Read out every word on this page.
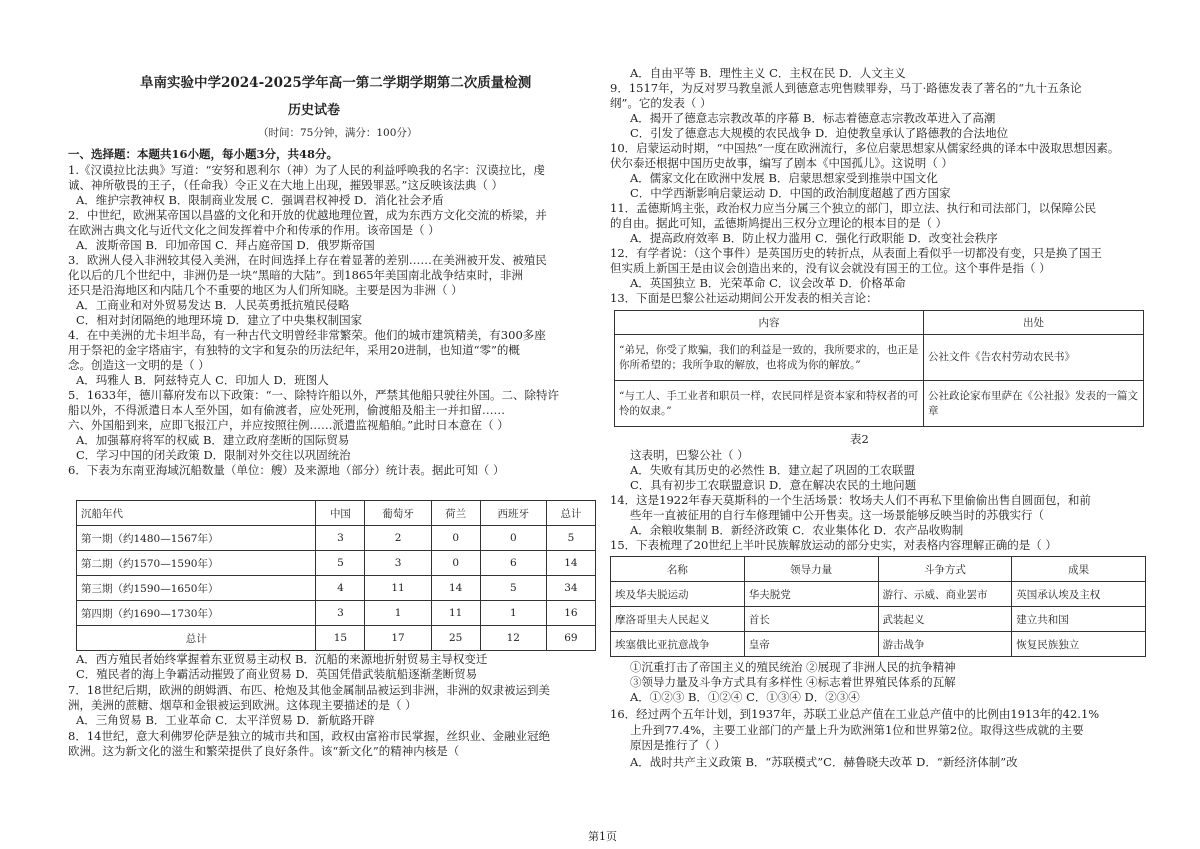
阜南实验中学2024-2025学年高一第二学期学期第二次质量检测
历史试卷
（时间：75分钟，满分：100分）
一、选择题：本题共16小题，每小题3分，共48分。
1.《汉谟拉比法典》写道：“安努和恩利尔（神）为了人民的利益呼唤我的名字：汉谟拉比，虔
诚、神所敬畏的王子，（任命我）令正义在大地上出现，摧毁罪恶。”这反映该法典（ ）
A．维护宗教神权 B．限制商业发展 C．强调君权神授 D．消化社会矛盾
2．中世纪，欧洲某帝国以昌盛的文化和开放的优越地理位置，成为东西方文化交流的桥梁，并
在欧洲古典文化与近代文化之间发挥着中介和传承的作用。该帝国是（ ）
A．波斯帝国 B．印加帝国 C．拜占庭帝国 D．俄罗斯帝国
3．欧洲人侵入非洲较其侵入美洲，在时间选择上存在着显著的差别……在美洲被开发、被殖民
化以后的几个世纪中，非洲仍是一块“黑暗的大陆”。到1865年美国南北战争结束时，非洲
还只是沿海地区和内陆几个不重要的地区为人们所知晓。主要是因为非洲（ ）
A．工商业和对外贸易发达 B．人民英勇抵抗殖民侵略
C．相对封闭隔绝的地理环境 D．建立了中央集权制国家
4．在中美洲的尤卡坦半岛，有一种古代文明曾经非常繁荣。他们的城市建筑精美，有300多座
用于祭祀的金字塔庙宇，有独特的文字和复杂的历法纪年，采用20进制，也知道“零”的概
念。创造这一文明的是（ ）
A．玛雅人 B．阿兹特克人 C．印加人 D．班图人
5．1633年，德川幕府发布以下政策：“一、除特许船以外，严禁其他船只驶往外国。二、除特许
船以外，不得派遣日本人至外国，如有偷渡者，应处死刑，偷渡船及船主一并扣留……
六、外国船到来，应即飞报江户，并应按照往例……派遣监视船舶。”此时日本意在（ ）
A．加强幕府将军的权威 B．建立政府垄断的国际贸易
C．学习中国的闭关政策 D．限制对外交往以巩固统治
6．下表为东南亚海域沉船数量（单位：艘）及来源地（部分）统计表。据此可知（ ）
沉船年代	中国	葡萄牙	荷兰	西班牙	总计
第一期（约1480—1567年）	3	2	0	0	5
第二期（约1570—1590年）	5	3	0	6	14
第三期（约1590—1650年）	4	11	14	5	34
第四期（约1690—1730年）	3	1	11	1	16
总计	15	17	25	12	69
A．西方殖民者始终掌握着东亚贸易主动权 B．沉船的来源地折射贸易主导权变迁
C．殖民者的海上争霸活动摧毁了商业贸易 D．英国凭借武装航船逐渐垄断贸易
7．18世纪后期，欧洲的朗姆酒、布匹、枪炮及其他金属制品被运到非洲，非洲的奴隶被运到美
洲，美洲的蔗糖、烟草和金银被运到欧洲。这体现主要描述的是（ ）
A．三角贸易 B．工业革命 C．太平洋贸易 D．新航路开辟
8．14世纪，意大利佛罗伦萨是独立的城市共和国，政权由富裕市民掌握，丝织业、金融业冠绝
欧洲。这为新文化的滋生和繁荣提供了良好条件。该“新文化”的精神内核是（
A．自由平等 B．理性主义 C．主权在民 D．人文主义
9．1517年，为反对罗马教皇派人到德意志兜售赎罪券，马丁·路德发表了著名的“九十五条论
纲”。它的发表（ ）
A．揭开了德意志宗教改革的序幕 B．标志着德意志宗教改革进入了高潮
C．引发了德意志大规模的农民战争 D．迫使教皇承认了路德教的合法地位
10．启蒙运动时期，“中国热”一度在欧洲流行，多位启蒙思想家从儒家经典的译本中汲取思想因素。
伏尔泰还根据中国历史故事，编写了剧本《中国孤儿》。这说明（ ）
A．儒家文化在欧洲中发展 B．启蒙思想家受到推崇中国文化
C．中学西渐影响启蒙运动 D．中国的政治制度超越了西方国家
11．孟德斯鸠主张，政治权力应当分属三个独立的部门，即立法、执行和司法部门，以保障公民
的自由。据此可知，孟德斯鸠提出三权分立理论的根本目的是（ ）
A．提高政府效率 B．防止权力滥用 C．强化行政职能 D．改变社会秩序
12．有学者说：（这个事件）是英国历史的转折点，从表面上看似乎一切都没有变，只是换了国王
但实质上新国王是由议会创造出来的，没有议会就没有国王的工位。这个事件是指（ ）
A．英国独立 B．光荣革命 C．议会改革 D．价格革命
13．下面是巴黎公社运动期间公开发表的相关言论：
内容	出处
“弟兄，你受了欺骗，我们的利益是一致的，我所要求的，也正是你所希望的；我所争取的解放，也将成为你的解放。”	公社文件《告农村劳动农民书》
“与工人、手工业者和职员一样，农民同样是资本家和特权者的可怜的奴隶。”	公社政论家布里萨在《公社报》发表的一篇文章
表2
这表明，巴黎公社（ ）
A．失败有其历史的必然性 B．建立起了巩固的工农联盟
C．具有初步工农联盟意识 D．意在解决农民的土地问题
14．这是1922年春天莫斯科的一个生活场景：牧场夫人们不再私下里偷偷出售自圆面包，和前
些年一直被征用的自行车修理铺中公开售卖。这一场景能够反映当时的苏俄实行（
A．余粮收集制 B．新经济政策 C．农业集体化 D．农产品收购制
15．下表梳理了20世纪上半叶民族解放运动的部分史实，对表格内容理解正确的是（ ）
名称	领导力量	斗争方式	成果
埃及华夫脱运动	华夫脱党	游行、示威、商业罢市	英国承认埃及主权
摩洛哥里夫人民起义	首长	武装起义	建立共和国
埃塞俄比亚抗意战争	皇帝	游击战争	恢复民族独立
①沉重打击了帝国主义的殖民统治 ②展现了非洲人民的抗争精神
③领导力量及斗争方式具有多样性 ④标志着世界殖民体系的瓦解
A．①②③ B．①②④ C．①③④ D．②③④
16．经过两个五年计划，到1937年，苏联工业总产值在工业总产值中的比例由1913年的42.1%
上升到77.4%，主要工业部门的产量上升为欧洲第1位和世界第2位。取得这些成就的主要
原因是推行了（ ）
A．战时共产主义政策 B．“苏联模式”C．赫鲁晓夫改革 D．“新经济体制”改
第1页
